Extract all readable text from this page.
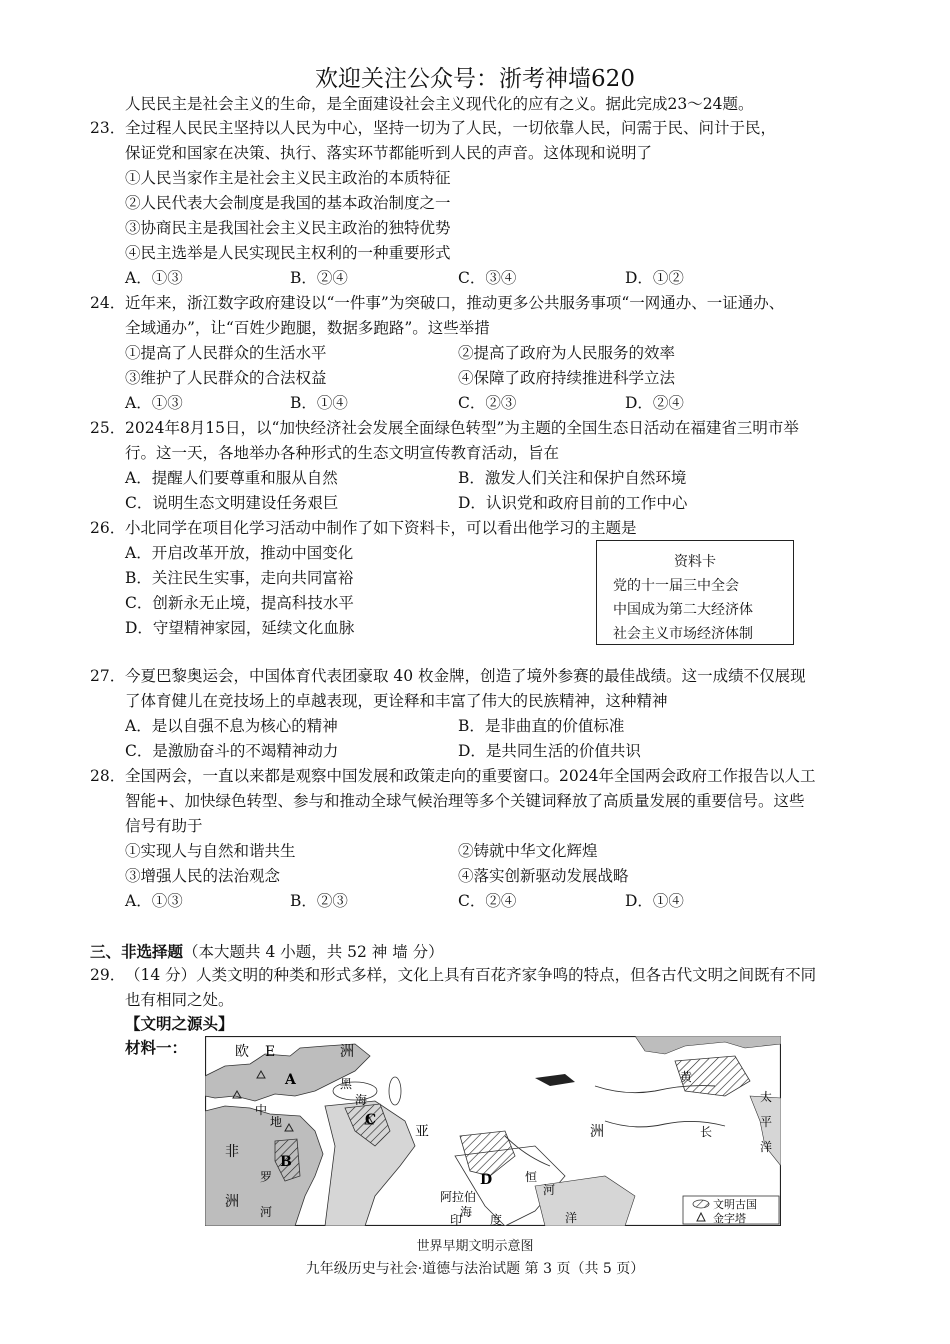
欢迎关注公众号：浙考神墙620
人民民主是社会主义的生命，是全面建设社会主义现代化的应有之义。据此完成23～24题。
23． 全过程人民民主坚持以人民为中心，坚持一切为了人民，一切依靠人民，问需于民、问计于民，
保证党和国家在决策、执行、落实环节都能听到人民的声音。这体现和说明了
①人民当家作主是社会主义民主政治的本质特征
②人民代表大会制度是我国的基本政治制度之一
③协商民主是我国社会主义民主政治的独特优势
④民主选举是人民实现民主权利的一种重要形式
A．①③	B．②④	C．③④	D．①②
24． 近年来，浙江数字政府建设以“一件事”为突破口，推动更多公共服务事项“一网通办、一证通办、
全域通办”，让“百姓少跑腿，数据多跑路”。这些举措
①提高了人民群众的生活水平	②提高了政府为人民服务的效率
③维护了人民群众的合法权益	④保障了政府持续推进科学立法
A．①③	B．①④	C．②③	D．②④
25． 2024年8月15日，以“加快经济社会发展全面绿色转型”为主题的全国生态日活动在福建省三明市举
行。这一天，各地举办各种形式的生态文明宣传教育活动，旨在
A．提醒人们要尊重和服从自然	B．激发人们关注和保护自然环境
C．说明生态文明建设任务艰巨	D．认识党和政府目前的工作中心
26． 小北同学在项目化学习活动中制作了如下资料卡，可以看出他学习的主题是
A．开启改革开放，推动中国变化
B．关注民生实事，走向共同富裕
C．创新永无止境，提高科技水平
D．守望精神家园，延续文化血脉
资料卡
党的十一届三中全会
中国成为第二大经济体
社会主义市场经济体制
27． 今夏巴黎奥运会，中国体育代表团豪取 40 枚金牌，创造了境外参赛的最佳战绩。这一成绩不仅展现
了体育健儿在竞技场上的卓越表现，更诠释和丰富了伟大的民族精神，这种精神
A．是以自强不息为核心的精神	B．是非曲直的价值标准
C．是激励奋斗的不竭精神动力	D．是共同生活的价值共识
28． 全国两会，一直以来都是观察中国发展和政策走向的重要窗口。2024年全国两会政府工作报告以人工
智能+、加快绿色转型、参与和推动全球气候治理等多个关键词释放了高质量发展的重要信号。这些
信号有助于
①实现人与自然和谐共生	②铸就中华文化辉煌
③增强人民的法治观念	④落实创新驱动发展战略
A．①③	B．②③	C．②④	D．①④
三、非选择题（本大题共 4 小题，共 52 神 墙 分）
29． （14 分）人类文明的种类和形式多样，文化上具有百花齐家争鸣的特点，但各古代文明之间既有不同
也有相同之处。
【文明之源头】
材料一：	欧 E	洲
A	黑
海
中
地	C
亚	洲
非
B
罗
洲
河
D	恒
河
阿拉伯
海
印 度
黄
长
太
平
洋
洋
文明古国
金字塔
世界早期文明示意图
九年级历史与社会·道德与法治试题 第 3 页（共 5 页）
